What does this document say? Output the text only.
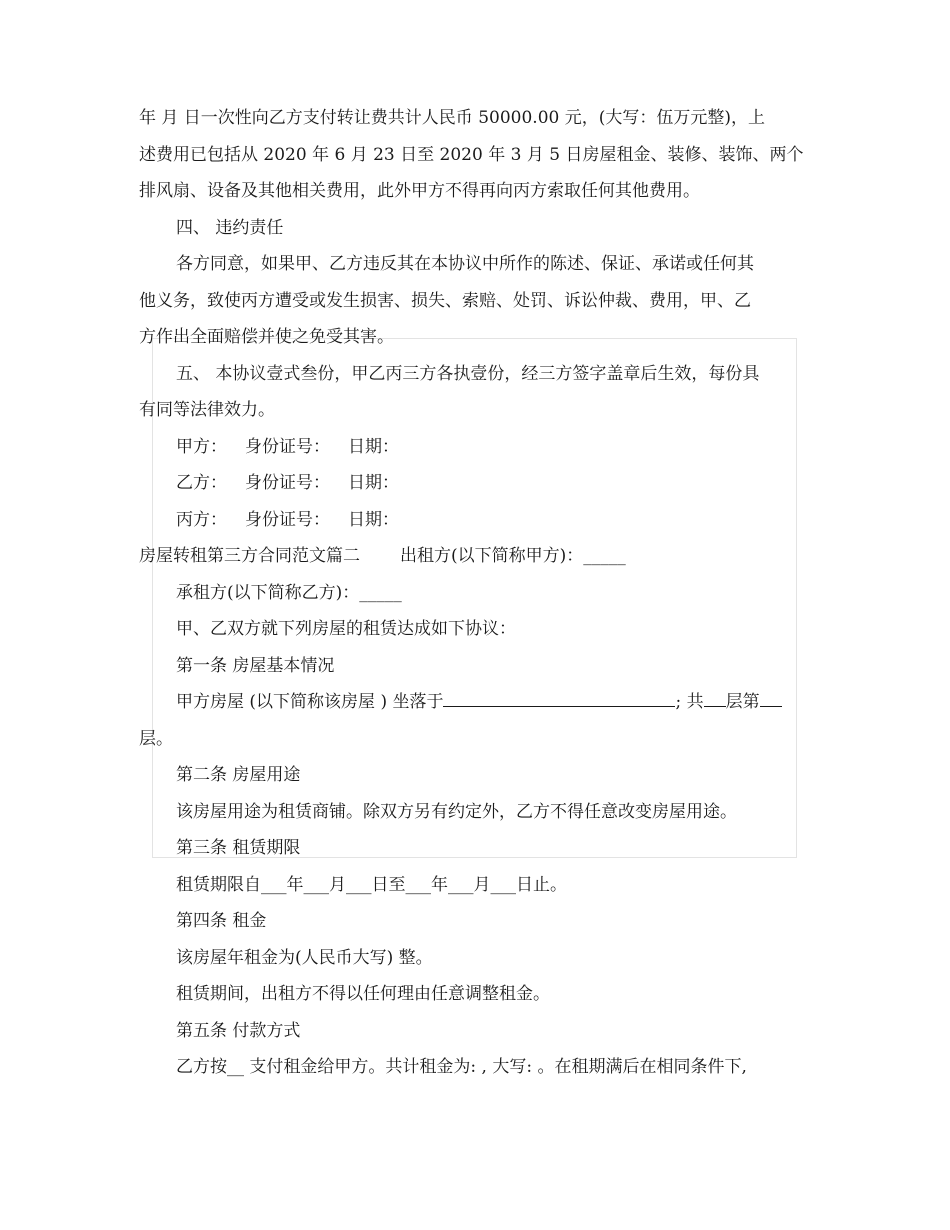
年 月 日一次性向乙方支付转让费共计人民币 50000.00 元，(大写：伍万元整)，上

述费用已包括从 2020 年 6 月 23 日至 2020 年 3 月 5 日房屋租金、装修、装饰、两个

排风扇、设备及其他相关费用，此外甲方不得再向丙方索取任何其他费用。

四、 违约责任

各方同意，如果甲、乙方违反其在本协议中所作的陈述、保证、承诺或任何其

他义务，致使丙方遭受或发生损害、损失、索赔、处罚、诉讼仲裁、费用，甲、乙

方作出全面赔偿并使之免受其害。

五、 本协议壹式叁份，甲乙丙三方各执壹份，经三方签字盖章后生效，每份具

有同等法律效力。

甲方： 身份证号： 日期：

乙方： 身份证号： 日期：

丙方： 身份证号： 日期：

房屋转租第三方合同范文篇二 出租方(以下简称甲方)：_____

承租方(以下简称乙方)：_____

甲、乙双方就下列房屋的租赁达成如下协议：

第一条 房屋基本情况

甲方房屋 (以下简称该房屋 ) 坐落于	; 共 层第

层。

第二条 房屋用途

该房屋用途为租赁商铺。除双方另有约定外，乙方不得任意改变房屋用途。

第三条 租赁期限

租赁期限自___年___月___日至___年___月___日止。

第四条 租金

该房屋年租金为(人民币大写) 整。

租赁期间，出租方不得以任何理由任意调整租金。

第五条 付款方式

乙方按__ 支付租金给甲方。共计租金为: , 大写: 。在租期满后在相同条件下,
